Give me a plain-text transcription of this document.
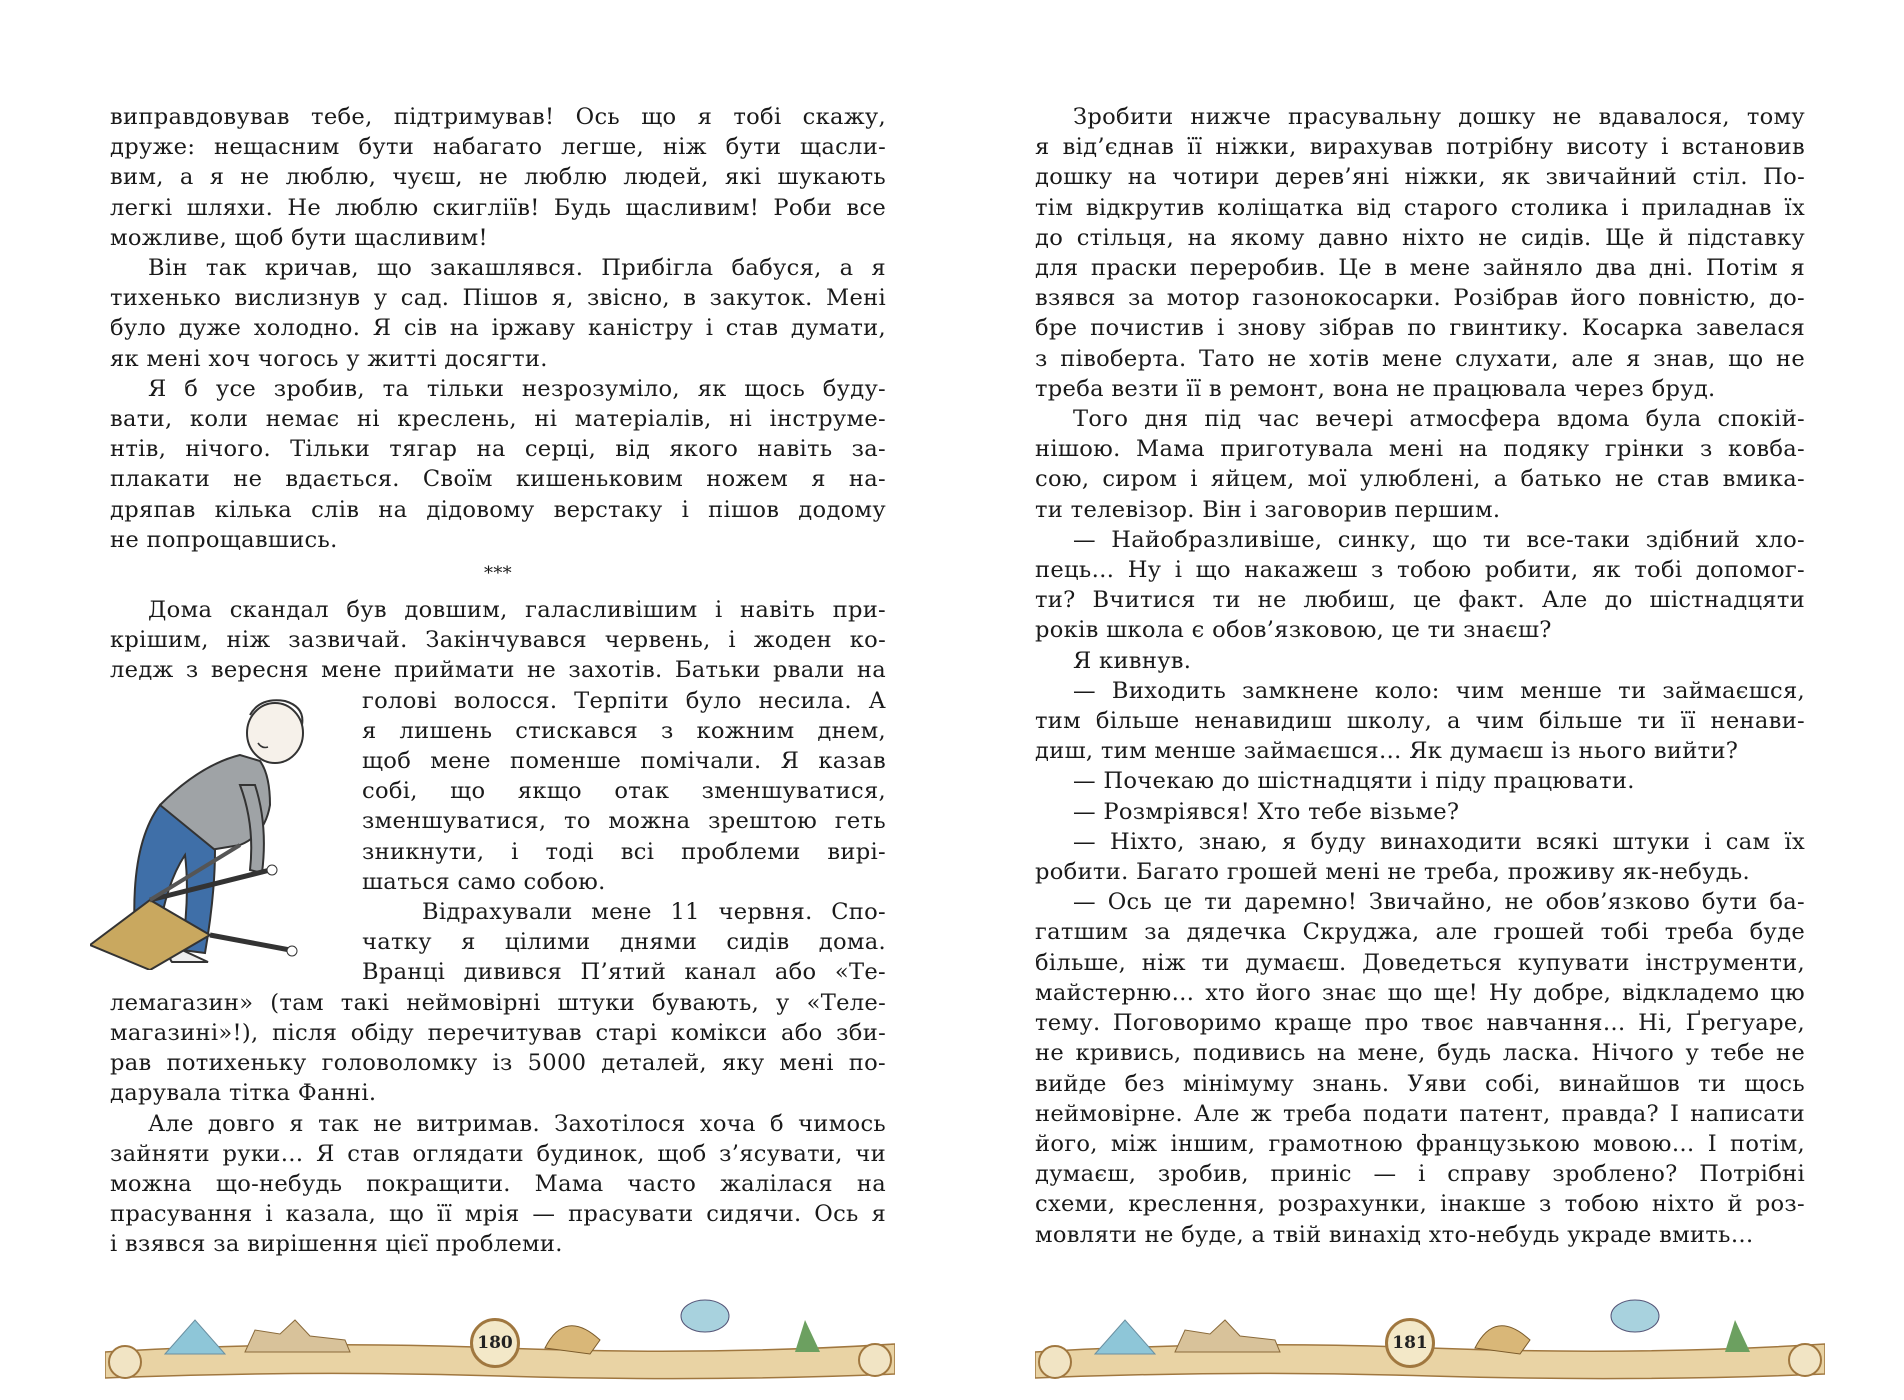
виправдовував тебе, підтримував! Ось що я тобі скажу,
друже: нещасним бути набагато легше, ніж бути щасли-
вим, а я не люблю, чуєш, не люблю людей, які шукають
легкі шляхи. Не люблю скиглiїв! Будь щасливим! Роби все
можливе, щоб бути щасливим!
Він так кричав, що закашлявся. Прибігла бабуся, а я
тихенько вислизнув у сад. Пішов я, звісно, в закуток. Мені
було дуже холодно. Я сів на іржаву каністру і став думати,
як мені хоч чогось у житті досягти.
Я б усе зробив, та тільки незрозуміло, як щось буду-
вати, коли немає ні креслень, ні матеріалів, ні інструме-
нтів, нічого. Тільки тягар на серці, від якого навіть за-
плакати не вдається. Своїм кишеньковим ножем я на-
дряпав кілька слів на дідовому верстаку і пішов додому
не попрощавшись.
***
Дома скандал був довшим, галасливішим і навіть при-
крішим, ніж зазвичай. Закінчувався червень, і жоден ко-
ледж з вересня мене приймати не захотів. Батьки рвали на
голові волосся. Терпіти було несила. А
я лишень стискався з кожним днем,
щоб мене поменше помічали. Я казав
собі, що якщо отак зменшуватися,
зменшуватися, то можна зрештою геть
зникнути, і тоді всі проблеми вирі-
шаться само собою.
Відрахували мене 11 червня. Спо-
чатку я цілими днями сидів дома.
Вранці дивився П’ятий канал або «Те-
лемагазин» (там такі неймовірні штуки бувають, у «Теле-
магазині»!), після обіду перечитував старі комікси або зби-
рав потихеньку головоломку із 5000 деталей, яку мені по-
дарувала тітка Фанні.
Але довго я так не витримав. Захотілося хоча б чимось
зайняти руки… Я став оглядати будинок, щоб з’ясувати, чи
можна що-небудь покращити. Мама часто жалілася на
прасування і казала, що її мрія — прасувати сидячи. Ось я
і взявся за вирішення цієї проблеми.
180
Зробити нижче прасувальну дошку не вдавалося, тому
я від’єднав її ніжки, вирахував потрібну висоту і встановив
дошку на чотири дерев’яні ніжки, як звичайний стіл. По-
тім відкрутив коліщатка від старого столика і приладнав їх
до стільця, на якому давно ніхто не сидів. Ще й підставку
для праски переробив. Це в мене зайняло два дні. Потім я
взявся за мотор газонокосарки. Розібрав його повністю, до-
бре почистив і знову зібрав по гвинтику. Косарка завелася
з півоберта. Тато не хотів мене слухати, але я знав, що не
треба везти її в ремонт, вона не працювала через бруд.
Того дня під час вечері атмосфера вдома була спокій-
нішою. Мама приготувала мені на подяку грінки з ковба-
сою, сиром і яйцем, мої улюблені, а батько не став вмика-
ти телевізор. Він і заговорив першим.
— Найобразливіше, синку, що ти все-таки здібний хло-
пець… Ну і що накажеш з тобою робити, як тобі допомог-
ти? Вчитися ти не любиш, це факт. Але до шістнадцяти
років школа є обов’язковою, це ти знаєш?
Я кивнув.
— Виходить замкнене коло: чим менше ти займаєшся,
тим більше ненавидиш школу, а чим більше ти її ненави-
диш, тим менше займаєшся… Як думаєш із нього вийти?
— Почекаю до шістнадцяти і піду працювати.
— Розмріявся! Хто тебе візьме?
— Ніхто, знаю, я буду винаходити всякі штуки і сам їх
робити. Багато грошей мені не треба, проживу як-небудь.
— Ось це ти даремно! Звичайно, не обов’язково бути ба-
гатшим за дядечка Скруджа, але грошей тобі треба буде
більше, ніж ти думаєш. Доведеться купувати інструменти,
майстерню… хто його знає що ще! Ну добре, відкладемо цю
тему. Поговоримо краще про твоє навчання… Ні, Ґрегуаре,
не кривись, подивись на мене, будь ласка. Нічого у тебе не
вийде без мінімуму знань. Уяви собі, винайшов ти щось
неймовірне. Але ж треба подати патент, правда? І написати
його, між іншим, грамотною французькою мовою… І потім,
думаєш, зробив, приніс — і справу зроблено? Потрібні
схеми, креслення, розрахунки, інакше з тобою ніхто й роз-
мовляти не буде, а твій винахід хто-небудь украде вмить…
181
